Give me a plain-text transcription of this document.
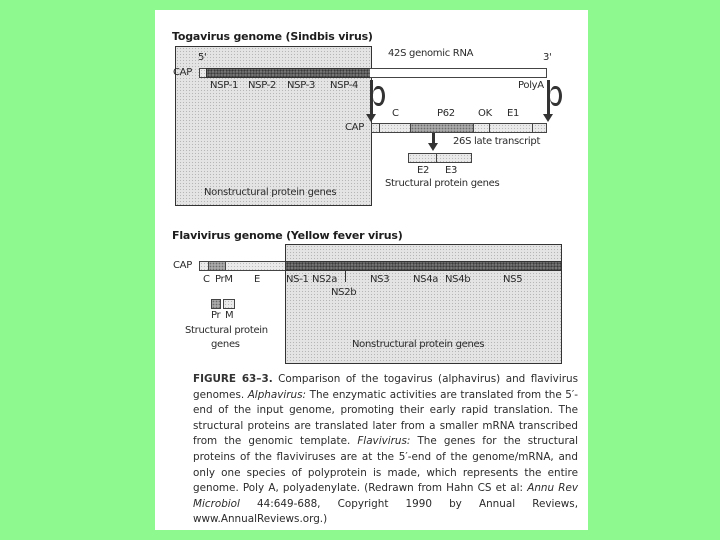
Togavirus genome (Sindbis virus)
Nonstructural protein genes
5'	42S genomic RNA	3'
CAP
NSP-1 NSP-2 NSP-3 NSP-4	PolyA
C	P62 OK E1
CAP
26S late transcript
E2 E3
Structural protein genes
Flavivirus genome (Yellow fever virus)
Nonstructural protein genes
CAP
C PrM E	NS-1 NS2a
NS2b
NS3 NS4a NS4b	NS5
Pr M
Structural protein
genes
FIGURE 63–3. Comparison of the togavirus (alphavirus) and flavivirus genomes. Alphavirus: The enzymatic activities are translated from the 5′-end of the input genome, promoting their early rapid translation. The structural proteins are translated later from a smaller mRNA transcribed from the genomic template. Flavivirus: The genes for the structural proteins of the flaviviruses are at the 5′-end of the genome/mRNA, and only one species of polyprotein is made, which represents the entire genome. Poly A, polyadenylate. (Redrawn from Hahn CS et al: Annu Rev Microbiol 44:649-688, Copyright 1990 by Annual Reviews, www.AnnualReviews.org.)
